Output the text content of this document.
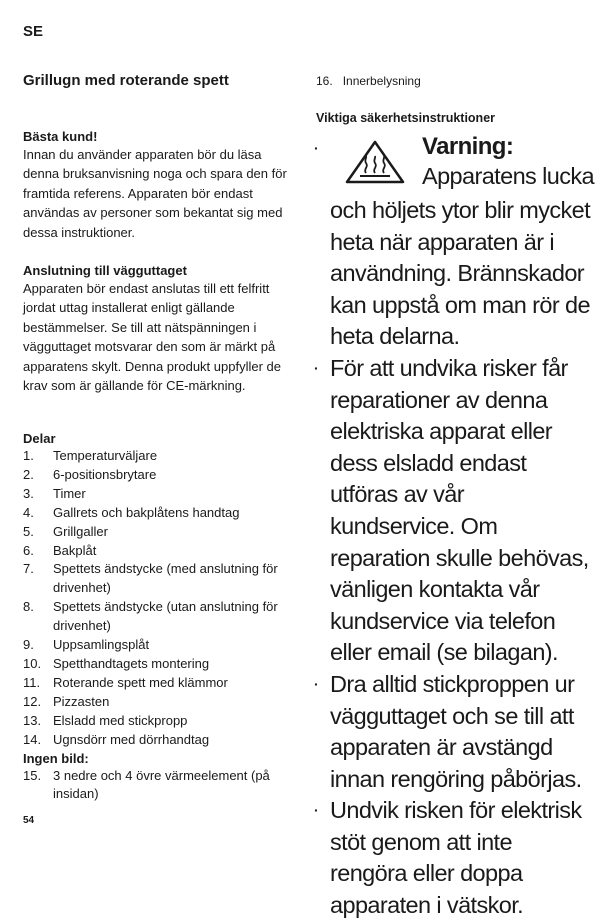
SE
Grillugn med roterande spett
Bästa kund!

Innan du använder apparaten bör du läsa denna bruksanvisning noga och spara den för framtida referens. Apparaten bör endast användas av personer som bekantat sig med dessa instruktioner.

Anslutning till vägguttaget

Apparaten bör endast anslutas till ett felfritt jordat uttag installerat enligt gällande bestämmelser. Se till att nätspänningen i vägguttaget motsvarar den som är märkt på apparatens skylt. Denna produkt uppfyller de krav som är gällande för CE-märkning.

Delar
1.	Temperaturväljare
2.	6-positionsbrytare
3.	Timer
4.	Gallrets och bakplåtens handtag
5.	Grillgaller
6.	Bakplåt
7.	Spettets ändstycke (med anslutning för drivenhet)
8.	Spettets ändstycke (utan anslutning för drivenhet)
9.	Uppsamlingsplåt
10. Spetthandtagets montering
11. Roterande spett med klämmor
12. Pizzasten
13. Elsladd med stickpropp
14. Ugnsdörr med dörrhandtag
Ingen bild:
15. 3 nedre och 4 övre värmeelement (på insidan)
54
16. Innerbelysning
Viktiga säkerhetsinstruktioner
·	Varning:
Apparatens lucka
och höljets ytor blir mycket heta när apparaten är i användning. Brännskador kan uppstå om man rör de heta delarna.
· För att undvika risker får reparationer av denna elektriska apparat eller dess elsladd endast utföras av vår kundservice. Om reparation skulle behövas, vänligen kontakta vår kundservice via telefon eller email (se bilagan).
· Dra alltid stickproppen ur vägguttaget och se till att apparaten är avstängd innan rengöring påbörjas.
· Undvik risken för elektrisk stöt genom att inte rengöra eller doppa apparaten i vätskor.
